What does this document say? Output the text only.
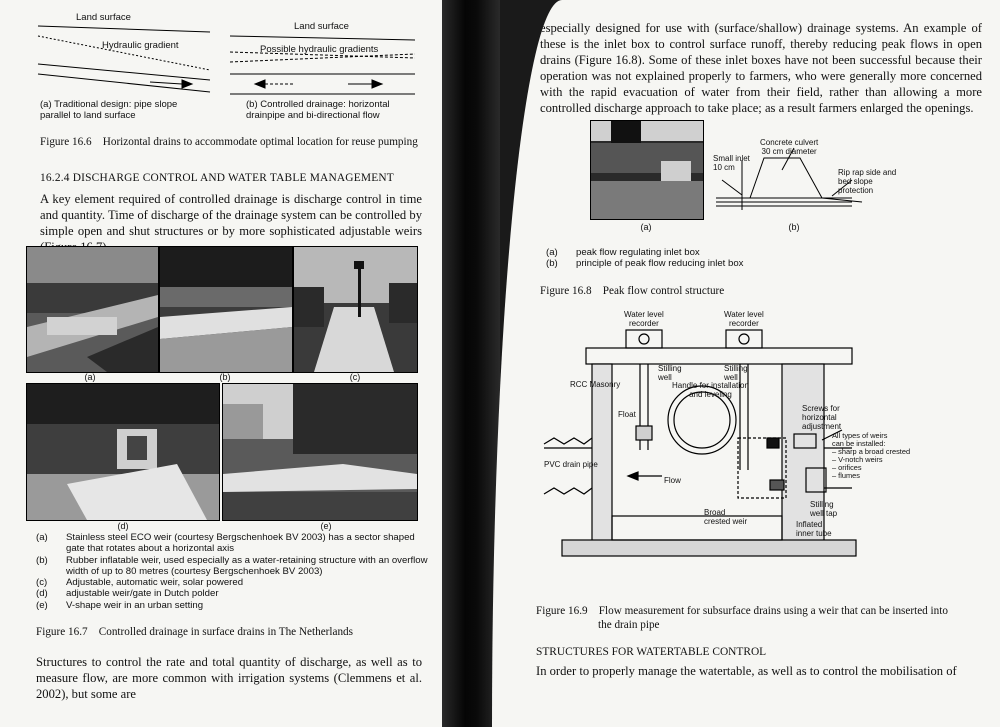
Land surface
Hydraulic gradient
Land surface
Possible hydraulic gradients
(a) Traditional design: pipe slope
parallel to land surface
(b) Controlled drainage: horizontal
drainpipe and bi-directional flow
Figure 16.6    Horizontal drains to accommodate optimal location for reuse pumping
16.2.4 DISCHARGE CONTROL AND WATER TABLE MANAGEMENT
A key element required of controlled drainage is discharge control in time and quantity. Time of discharge of the drainage system can be controlled by simple open and shut structures or by more sophisticated adjustable weirs
(a)	(b)	(c)
(d)	(e)
(a)	Stainless steel ECO weir (courtesy Bergschenhoek BV 2003) has a sector shaped gate that rotates about a horizontal axis
(b)	Rubber inflatable weir, used especially as a water-retaining structure with an overflow width of up to 80 metres (courtesy Bergschenhoek BV 2003)
(c)	Adjustable, automatic weir, solar powered
(d)	adjustable weir/gate in Dutch polder
(e)	V-shape weir in an urban setting
Figure 16.7    Controlled drainage in surface drains in The Netherlands
Structures to control the rate and total quantity of discharge, as well as to measure flow, are more common with irrigation systems (Clemmens et al. 2002), but some are
especially designed for use with (surface/shallow) drainage systems. An example of these is the inlet box to control surface runoff, thereby reducing peak flows in open drains (Figure 16.8). Some of these inlet boxes have not been successful because their operation was not explained properly to farmers, who were generally more concerned with the rapid evacuation of water from their field, rather than allowing a more controlled discharge approach to take place; as a result farmers enlarged the openings.
Concrete culvert
30 cm diameter
Small inlet
10 cm
Rip rap side and
bed slope
protection
(a)	(b)
(a)	peak flow regulating inlet box
(b)	principle of peak flow reducing inlet box
Figure 16.8    Peak flow control structure
Water level
recorder
Water level
recorder
Stilling
well
Stilling
well
Handle for installation
and leveling
RCC Masonry
Float
Screws for
horizontal
adjustment
All types of weirs
can be installed:
– sharp a broad crested
– V-notch weirs
– orifices
– flumes
PVC drain pipe
Flow
Stilling
well tap
Broad
crested weir	Inflated
inner tube
Figure 16.9    Flow measurement for subsurface drains using a weir that can be inserted into
the drain pipe
STRUCTURES FOR WATERTABLE CONTROL
In order to properly manage the watertable, as well as to control the mobilisation of
